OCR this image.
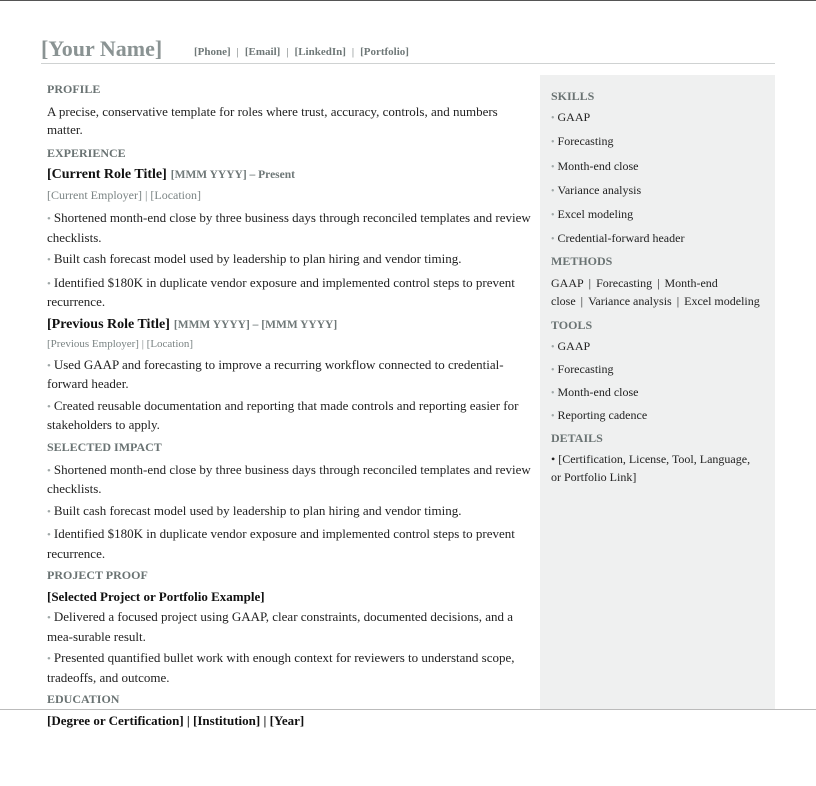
[Your Name]	[Phone] | [Email] | [LinkedIn] | [Portfolio]

PROFILE

A precise, conservative template for roles where trust, accuracy, controls, and numbers matter.

EXPERIENCE

[Current Role Title] [MMM YYYY] – Present

[Current Employer] | [Location]

• Shortened month-end close by three business days through reconciled templates and review checklists.

• Built cash forecast model used by leadership to plan hiring and vendor timing.

• Identified $180K in duplicate vendor exposure and implemented control steps to prevent recurrence.

[Previous Role Title] [MMM YYYY] – [MMM YYYY]

[Previous Employer] | [Location]

• Used GAAP and forecasting to improve a recurring workflow connected to credential-forward header.

• Created reusable documentation and reporting that made controls and reporting easier for stakeholders to apply.

SELECTED IMPACT

• Shortened month-end close by three business days through reconciled templates and review checklists.

• Built cash forecast model used by leadership to plan hiring and vendor timing.

• Identified $180K in duplicate vendor exposure and implemented control steps to prevent recurrence.

PROJECT PROOF

[Selected Project or Portfolio Example]

• Delivered a focused project using GAAP, clear constraints, documented decisions, and a mea-surable result.

• Presented quantified bullet work with enough context for reviewers to understand scope, tradeoffs, and outcome.

EDUCATION

[Degree or Certification] | [Institution] | [Year]

SKILLS

• GAAP

• Forecasting

• Month-end close

• Variance analysis

• Excel modeling

• Credential-forward header

METHODS

GAAP | Forecasting | Month-end close | Variance analysis | Excel modeling

TOOLS

• GAAP

• Forecasting

• Month-end close

• Reporting cadence

DETAILS

• [Certification, License, Tool, Language, or Portfolio Link]
